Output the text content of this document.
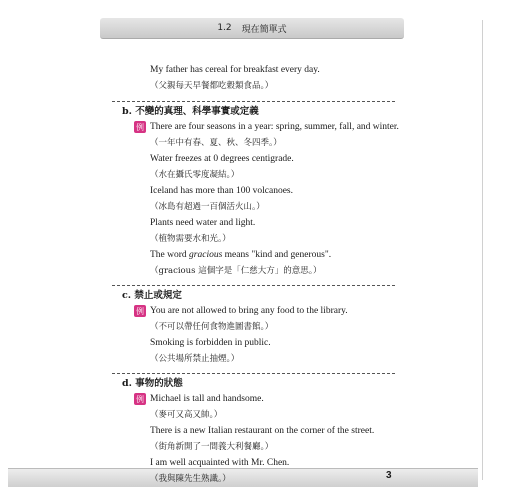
1.2 現在簡單式
My father has cereal for breakfast every day.
（父親每天早餐都吃穀類食品。）
b. 不變的真理、科學事實或定義
例 There are four seasons in a year: spring, summer, fall, and winter.
（一年中有春、夏、秋、冬四季。）
Water freezes at 0 degrees centigrade.
（水在攝氏零度凝結。）
Iceland has more than 100 volcanoes.
（冰島有超過一百個活火山。）
Plants need water and light.
（植物需要水和光。）
The word gracious means "kind and generous".
（gracious 這個字是「仁慈大方」的意思。）
c. 禁止或規定
例 You are not allowed to bring any food to the library.
（不可以帶任何食物進圖書館。）
Smoking is forbidden in public.
（公共場所禁止抽煙。）
d. 事物的狀態
例 Michael is tall and handsome.
（麥可又高又帥。）
There is a new Italian restaurant on the corner of the street.
（街角新開了一間義大利餐廳。）
I am well acquainted with Mr. Chen.
（我與陳先生熟識。）	3
